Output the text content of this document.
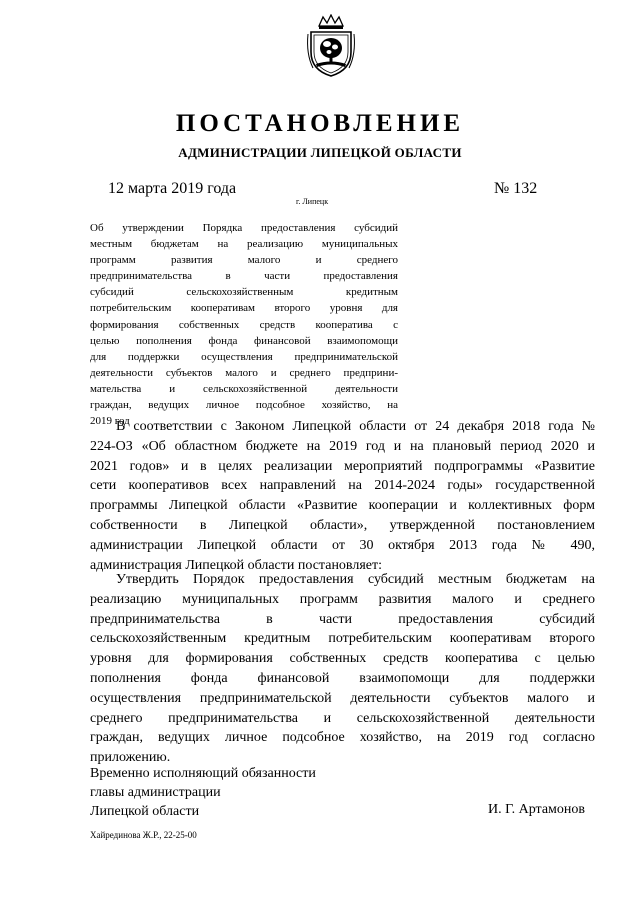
ПОСТАНОВЛЕНИЕ
АДМИНИСТРАЦИИ ЛИПЕЦКОЙ ОБЛАСТИ
12 марта 2019 года
г. Липецк
№ 132
Об утверждении Порядка предоставления субсидий
местным бюджетам на реализацию муниципальных
программ развития малого и среднего
предпринимательства в части предоставления
субсидий сельскохозяйственным кредитным
потребительским кооперативам второго уровня для
формирования собственных средств кооператива с
целью пополнения фонда финансовой взаимопомощи
для поддержки осуществления предпринимательской
деятельности субъектов малого и среднего предприни-
мательства и сельскохозяйственной деятельности
граждан, ведущих личное подсобное хозяйство, на
2019 год
В соответствии с Законом Липецкой области от 24 декабря 2018 года №
224-ОЗ «Об областном бюджете на 2019 год и на плановый период 2020 и
2021 годов» и в целях реализации мероприятий подпрограммы «Развитие
сети кооперативов всех направлений на 2014-2024 годы» государственной
программы Липецкой области «Развитие кооперации и коллективных форм
собственности в Липецкой области», утвержденной постановлением
администрации Липецкой области от 30 октября 2013 года № 490,
администрация Липецкой области постановляет:
Утвердить Порядок предоставления субсидий местным бюджетам на
реализацию муниципальных программ развития малого и среднего
предпринимательства в части предоставления субсидий
сельскохозяйственным кредитным потребительским кооперативам второго
уровня для формирования собственных средств кооператива с целью
пополнения фонда финансовой взаимопомощи для поддержки
осуществления предпринимательской деятельности субъектов малого и
среднего предпринимательства и сельскохозяйственной деятельности
граждан, ведущих личное подсобное хозяйство, на 2019 год согласно
приложению.
Временно исполняющий обязанности
главы администрации
Липецкой области	И. Г. Артамонов
Хайрединова Ж.Р., 22-25-00
